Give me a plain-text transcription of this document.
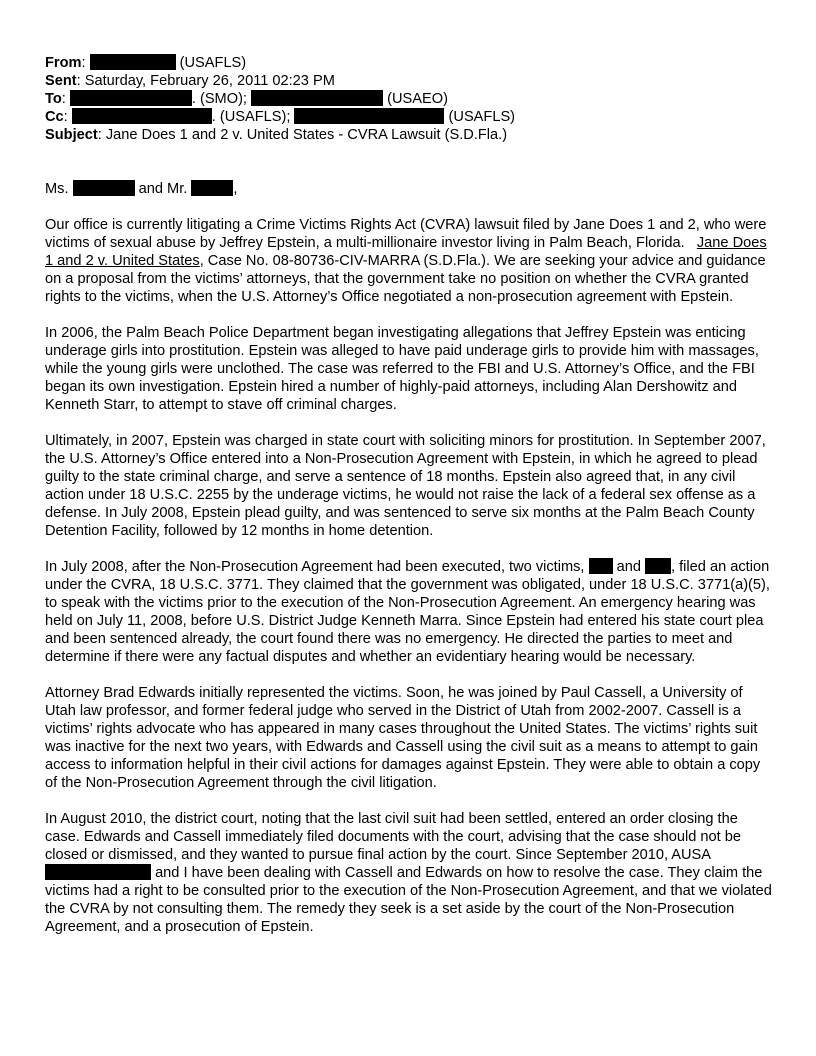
From:	(USAFLS)
Sent: Saturday, February 26, 2011 02:23 PM
To:	. (SMO);	(USAEO)
Cc:	. (USAFLS);	(USAFLS)
Subject: Jane Does 1 and 2 v. United States - CVRA Lawsuit (S.D.Fla.)
Ms.	and Mr.	,

Our office is currently litigating a Crime Victims Rights Act (CVRA) lawsuit filed by Jane Does 1 and 2, who were victims of sexual abuse by Jeffrey Epstein, a multi-millionaire investor living in Palm Beach, Florida. Jane Does 1 and 2 v. United States, Case No. 08-80736-CIV-MARRA (S.D.Fla.). We are seeking your advice and guidance on a proposal from the victims’ attorneys, that the government take no position on whether the CVRA granted rights to the victims, when the U.S. Attorney’s Office negotiated a non-prosecution agreement with Epstein.

In 2006, the Palm Beach Police Department began investigating allegations that Jeffrey Epstein was enticing underage girls into prostitution. Epstein was alleged to have paid underage girls to provide him with massages, while the young girls were unclothed. The case was referred to the FBI and U.S. Attorney’s Office, and the FBI began its own investigation. Epstein hired a number of highly-paid attorneys, including Alan Dershowitz and Kenneth Starr, to attempt to stave off criminal charges.

Ultimately, in 2007, Epstein was charged in state court with soliciting minors for prostitution. In September 2007, the U.S. Attorney’s Office entered into a Non-Prosecution Agreement with Epstein, in which he agreed to plead guilty to the state criminal charge, and serve a sentence of 18 months. Epstein also agreed that, in any civil action under 18 U.S.C. 2255 by the underage victims, he would not raise the lack of a federal sex offense as a defense. In July 2008, Epstein plead guilty, and was sentenced to serve six months at the Palm Beach County Detention Facility, followed by 12 months in home detention.

In July 2008, after the Non-Prosecution Agreement had been executed, two victims, and , filed an action under the CVRA, 18 U.S.C. 3771. They claimed that the government was obligated, under 18 U.S.C. 3771(a)(5), to speak with the victims prior to the execution of the Non-Prosecution Agreement. An emergency hearing was held on July 11, 2008, before U.S. District Judge Kenneth Marra. Since Epstein had entered his state court plea and been sentenced already, the court found there was no emergency. He directed the parties to meet and determine if there were any factual disputes and whether an evidentiary hearing would be necessary.

Attorney Brad Edwards initially represented the victims. Soon, he was joined by Paul Cassell, a University of Utah law professor, and former federal judge who served in the District of Utah from 2002-2007. Cassell is a victims’ rights advocate who has appeared in many cases throughout the United States. The victims’ rights suit was inactive for the next two years, with Edwards and Cassell using the civil suit as a means to attempt to gain access to information helpful in their civil actions for damages against Epstein. They were able to obtain a copy of the Non-Prosecution Agreement through the civil litigation.

In August 2010, the district court, noting that the last civil suit had been settled, entered an order closing the case. Edwards and Cassell immediately filed documents with the court, advising that the case should not be closed or dismissed, and they wanted to pursue final action by the court. Since September 2010, AUSA  and I have been dealing with Cassell and Edwards on how to resolve the case. They claim the victims had a right to be consulted prior to the execution of the Non-Prosecution Agreement, and that we violated the CVRA by not consulting them. The remedy they seek is a set aside by the court of the Non-Prosecution Agreement, and a prosecution of Epstein.
